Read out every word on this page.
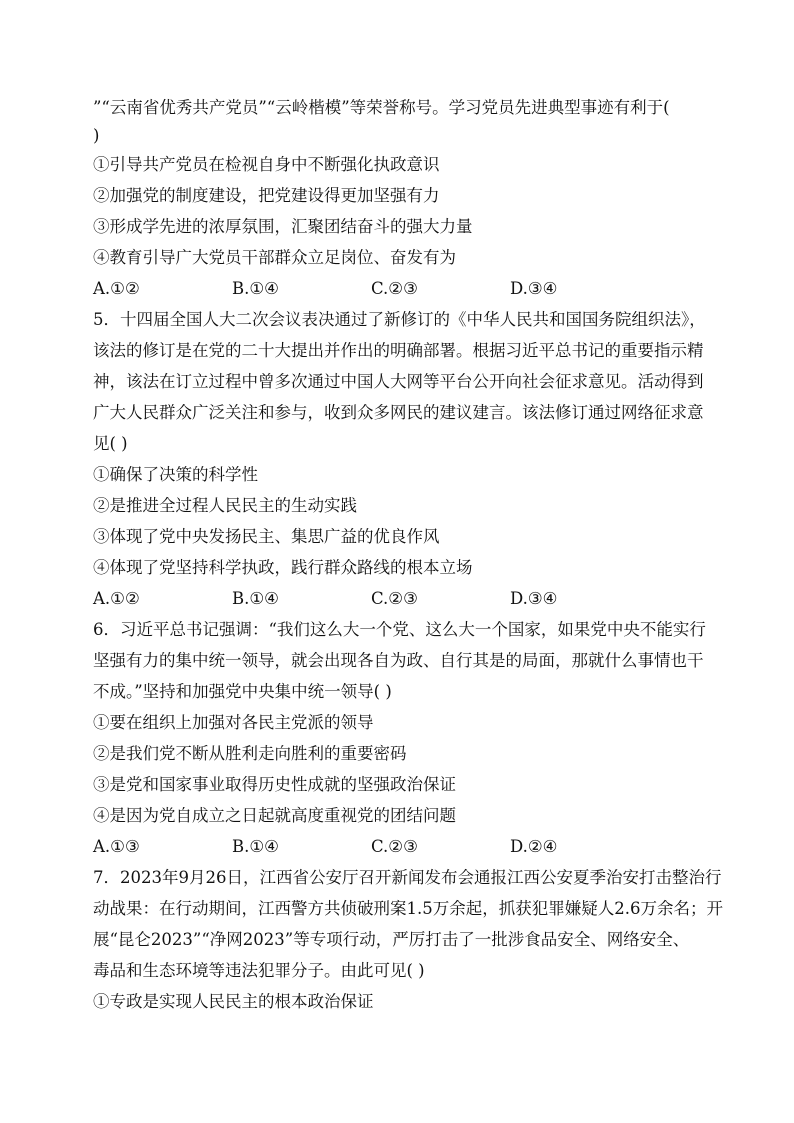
”“云南省优秀共产党员”“云岭楷模”等荣誉称号。学习党员先进典型事迹有利于(
)
①引导共产党员在检视自身中不断强化执政意识
②加强党的制度建设，把党建设得更加坚强有力
③形成学先进的浓厚氛围，汇聚团结奋斗的强大力量
④教育引导广大党员干部群众立足岗位、奋发有为
A.①②	B.①④	C.②③	D.③④
5．十四届全国人大二次会议表决通过了新修订的《中华人民共和国国务院组织法》，
该法的修订是在党的二十大提出并作出的明确部署。根据习近平总书记的重要指示精
神，该法在订立过程中曾多次通过中国人大网等平台公开向社会征求意见。活动得到
广大人民群众广泛关注和参与，收到众多网民的建议建言。该法修订通过网络征求意
见( )
①确保了决策的科学性
②是推进全过程人民民主的生动实践
③体现了党中央发扬民主、集思广益的优良作风
④体现了党坚持科学执政，践行群众路线的根本立场
A.①②	B.①④	C.②③	D.③④
6．习近平总书记强调：“我们这么大一个党、这么大一个国家，如果党中央不能实行
坚强有力的集中统一领导，就会出现各自为政、自行其是的局面，那就什么事情也干
不成。”坚持和加强党中央集中统一领导( )
①要在组织上加强对各民主党派的领导
②是我们党不断从胜利走向胜利的重要密码
③是党和国家事业取得历史性成就的坚强政治保证
④是因为党自成立之日起就高度重视党的团结问题
A.①③	B.①④	C.②③	D.②④
7．2023年9月26日，江西省公安厅召开新闻发布会通报江西公安夏季治安打击整治行
动战果：在行动期间，江西警方共侦破刑案1.5万余起，抓获犯罪嫌疑人2.6万余名；开
展“昆仑2023”“净网2023”等专项行动，严厉打击了一批涉食品安全、网络安全、
毒品和生态环境等违法犯罪分子。由此可见( )
①专政是实现人民民主的根本政治保证
